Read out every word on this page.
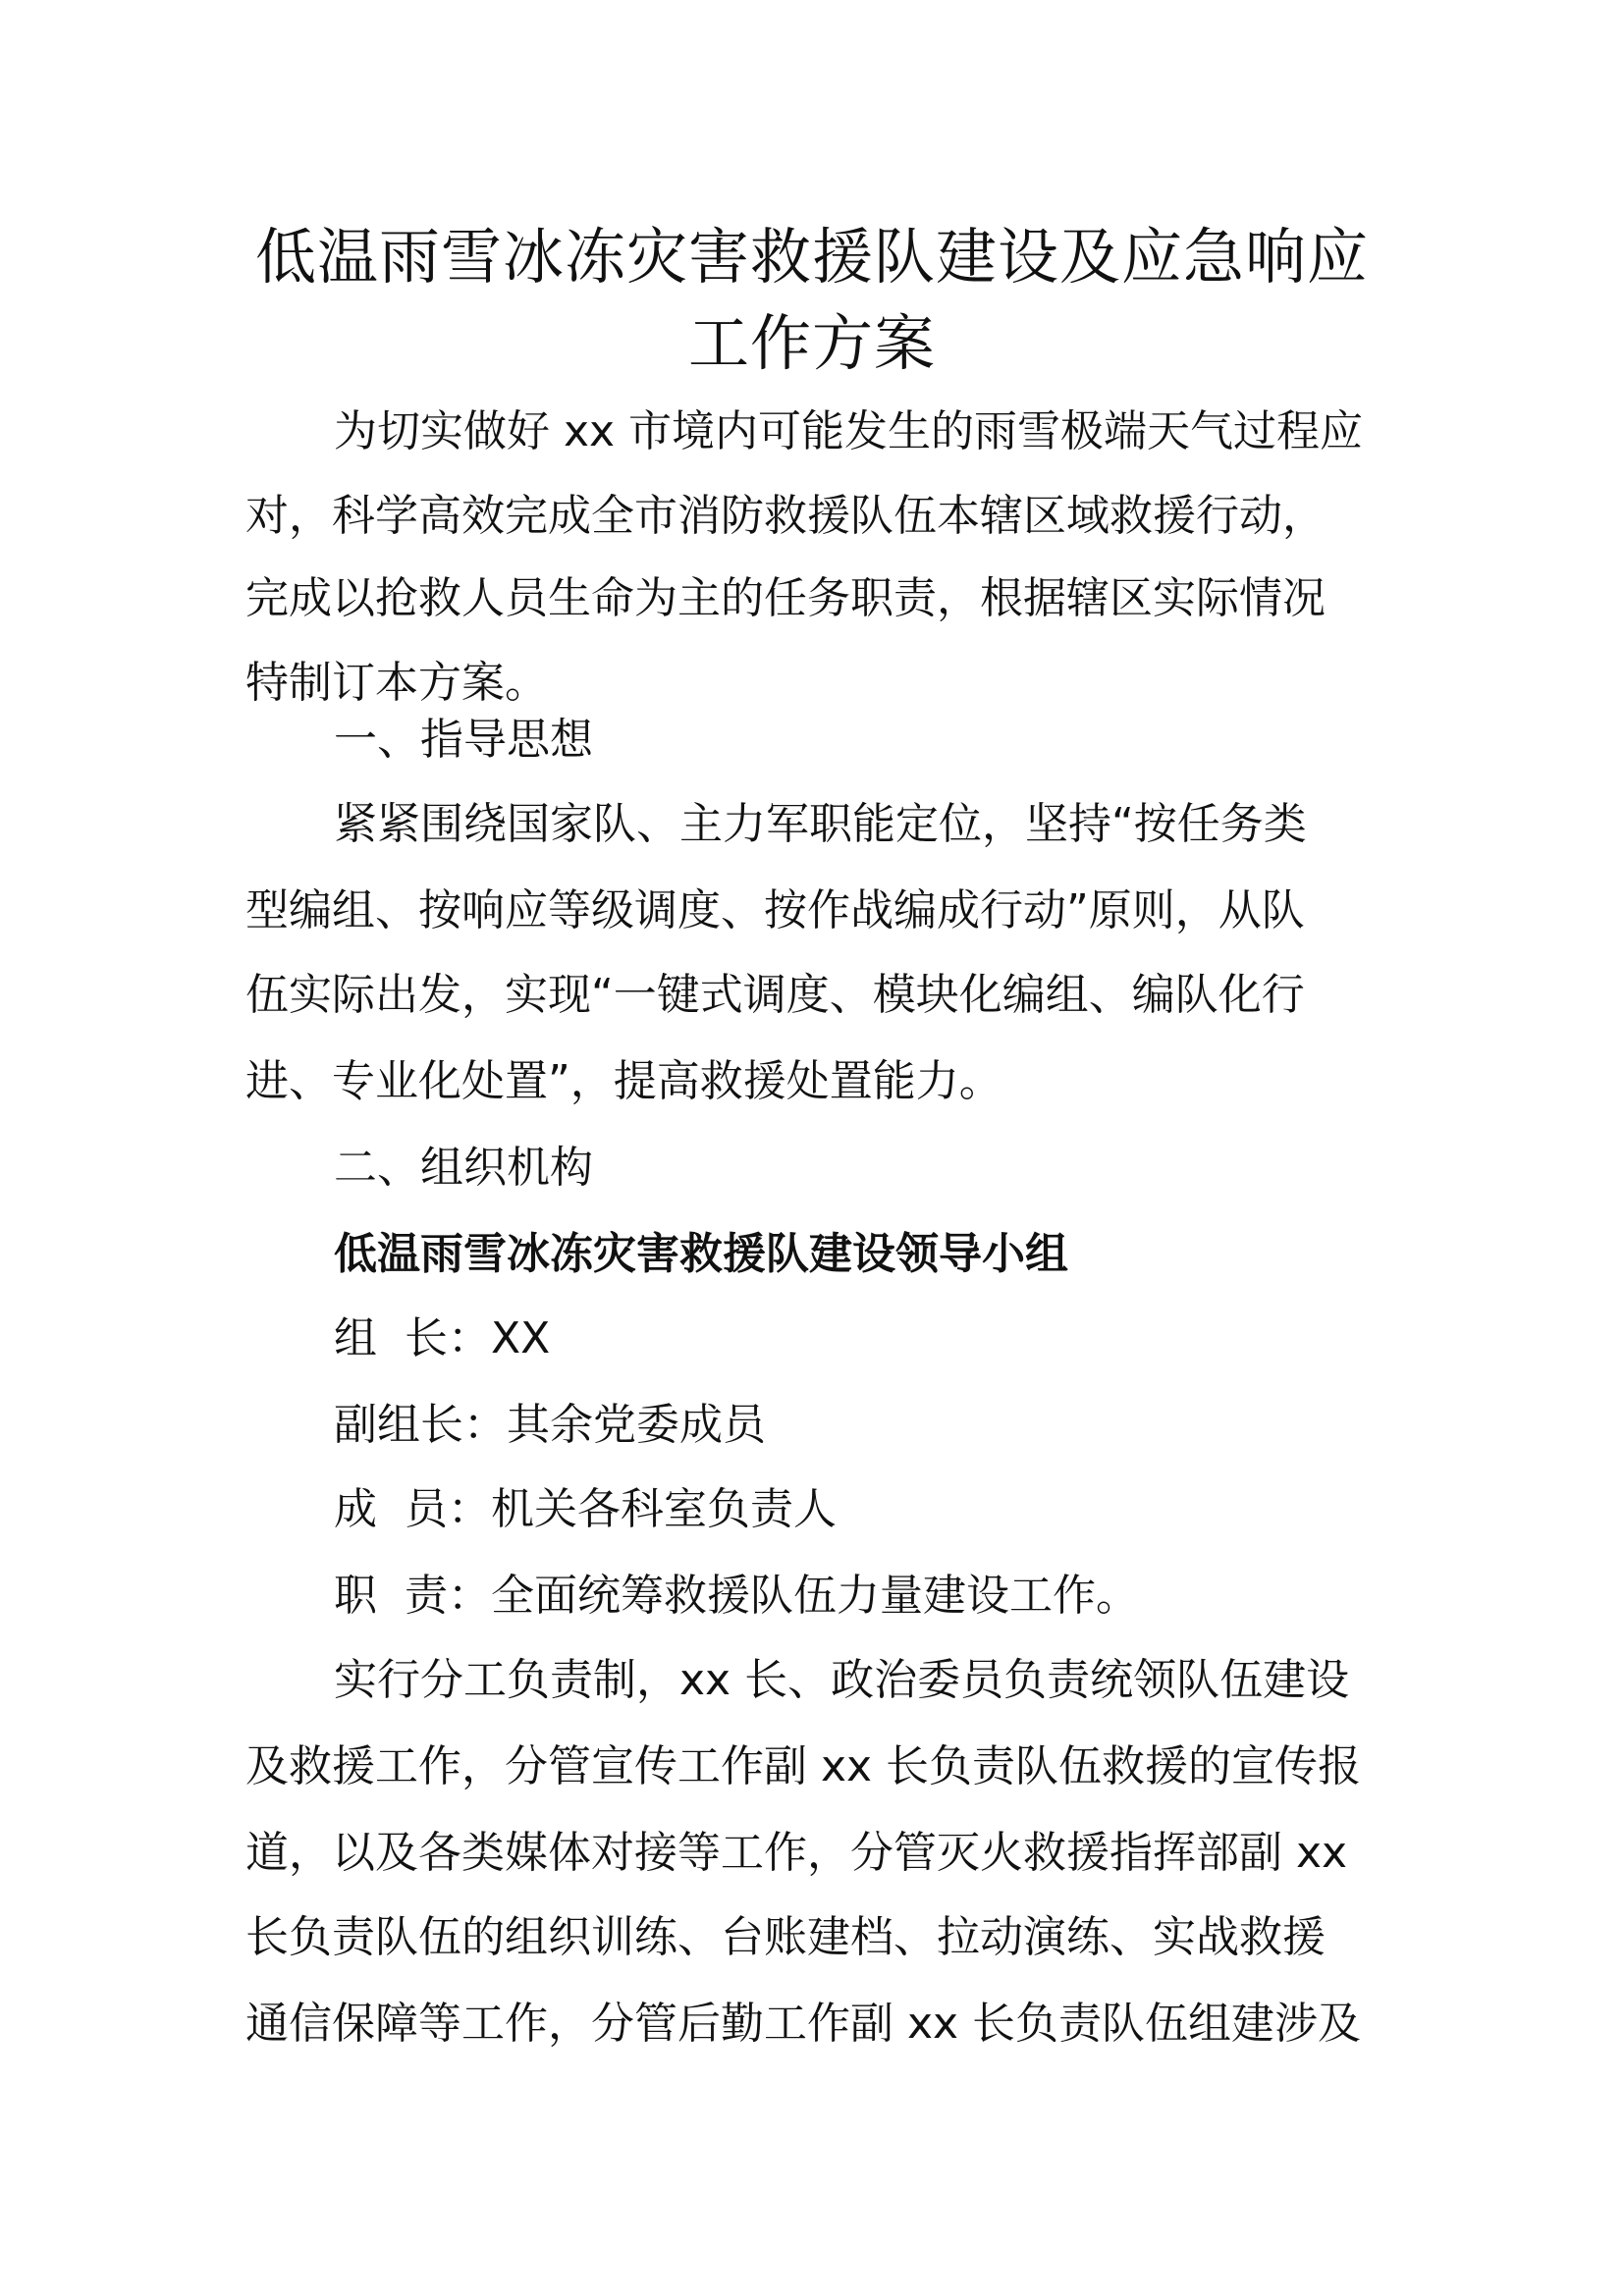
低温雨雪冰冻灾害救援队建设及应急响应
工作方案
为切实做好 xx 市境内可能发生的雨雪极端天气过程应
对，科学高效完成全市消防救援队伍本辖区域救援行动，
完成以抢救人员生命为主的任务职责，根据辖区实际情况
特制订本方案。
一、指导思想
紧紧围绕国家队、主力军职能定位，坚持“按任务类
型编组、按响应等级调度、按作战编成行动”原则，从队
伍实际出发，实现“一键式调度、模块化编组、编队化行
进、专业化处置”，提高救援处置能力。
二、组织机构
低温雨雪冰冻灾害救援队建设领导小组
组  长：XX
副组长：其余党委成员
成  员：机关各科室负责人
职  责：全面统筹救援队伍力量建设工作。
实行分工负责制，xx 长、政治委员负责统领队伍建设
及救援工作，分管宣传工作副 xx 长负责队伍救援的宣传报
道，以及各类媒体对接等工作，分管灭火救援指挥部副 xx
长负责队伍的组织训练、台账建档、拉动演练、实战救援
通信保障等工作，分管后勤工作副 xx 长负责队伍组建涉及
